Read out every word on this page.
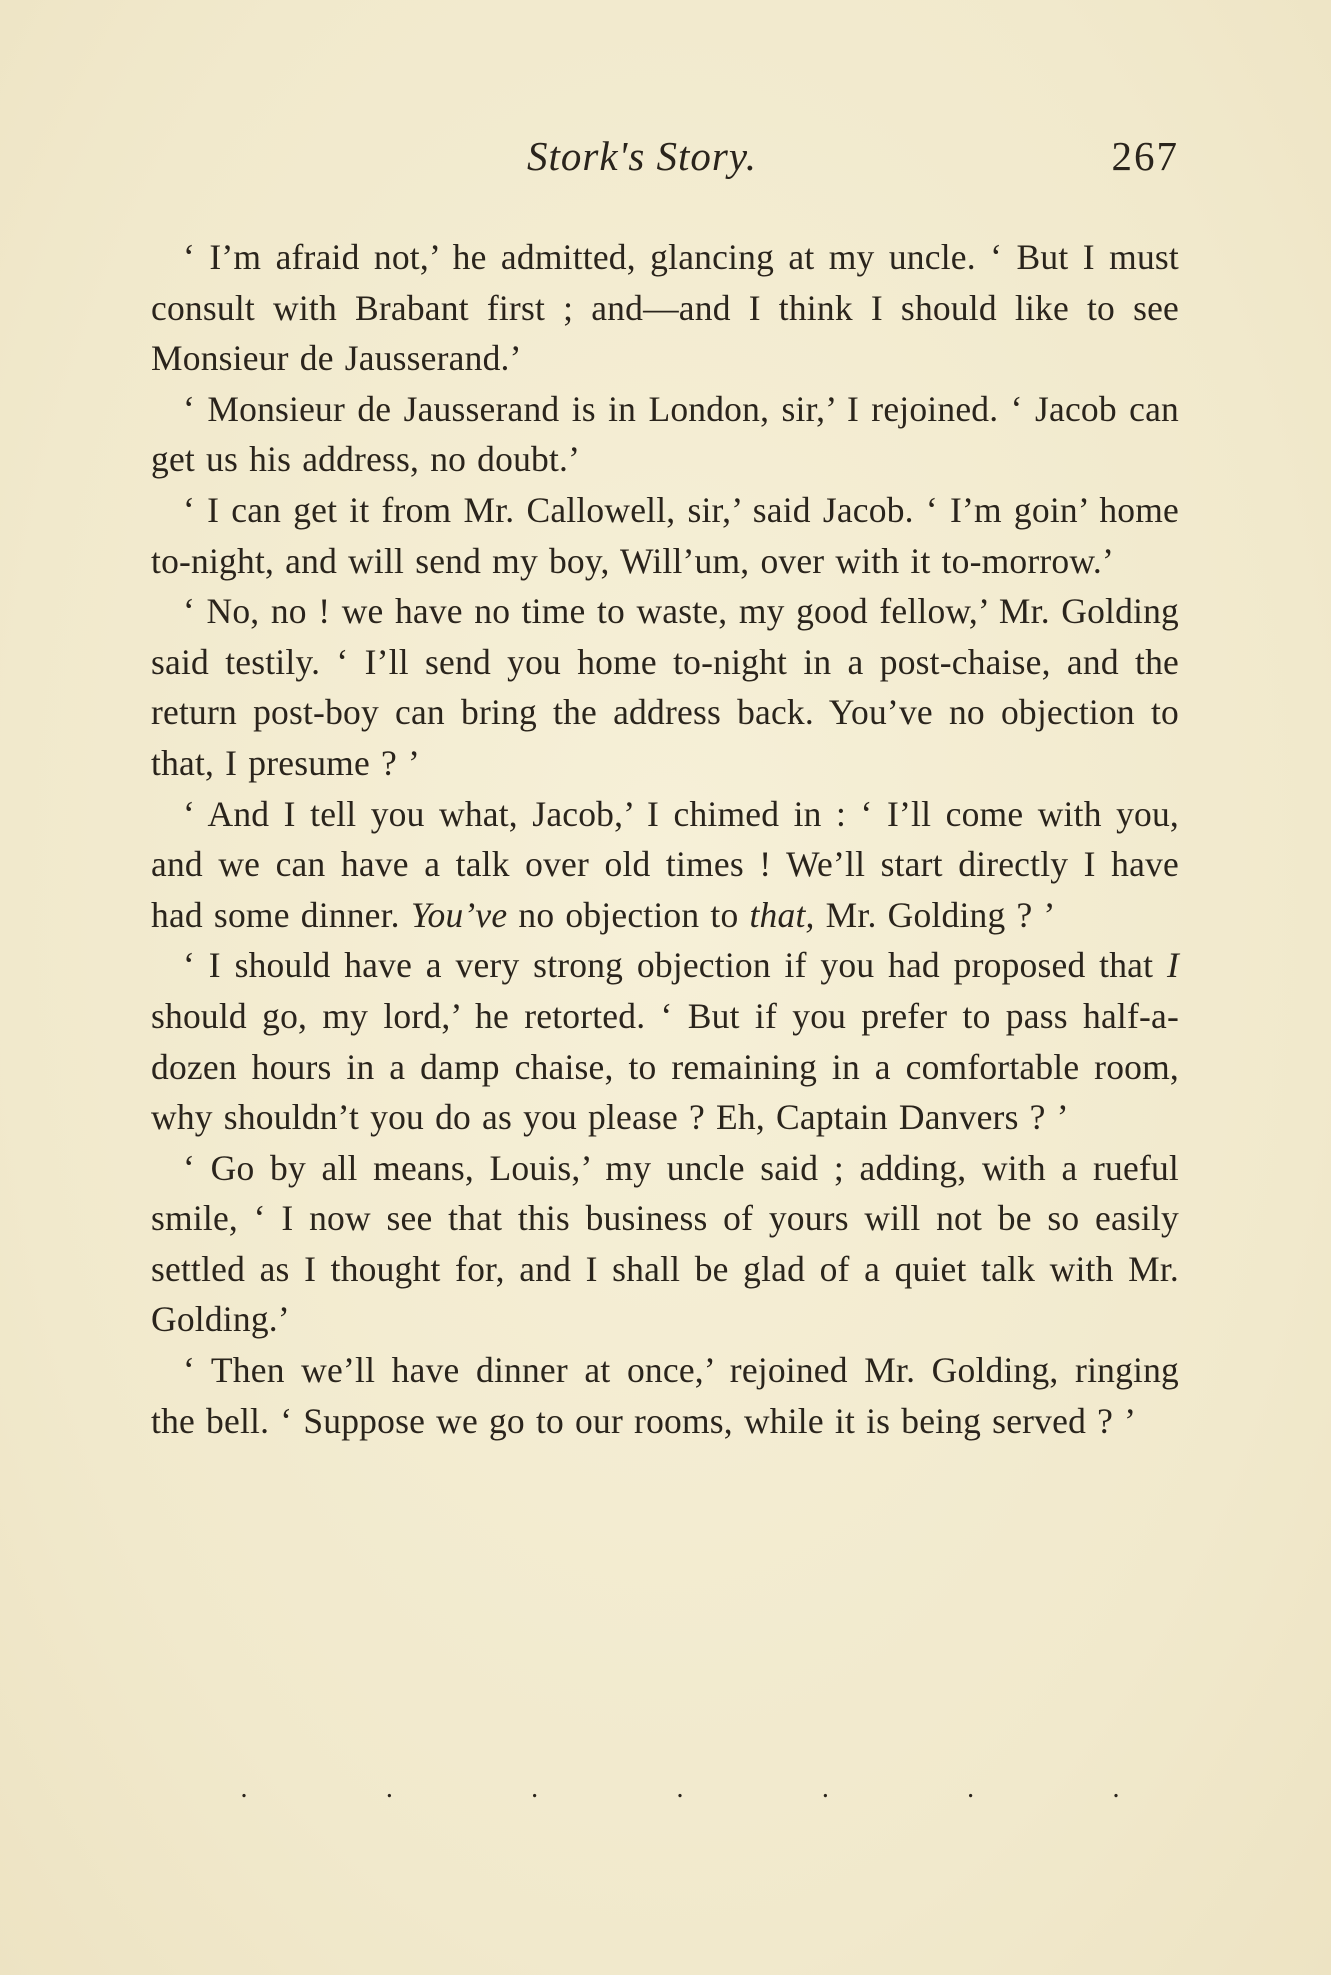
Stork's Story.	267

‘ I’m afraid not,’ he admitted, glancing at my uncle. ‘ But I must consult with Brabant first ; and—and I think I should like to see Monsieur de Jausserand.’

‘ Monsieur de Jausserand is in London, sir,’ I rejoined. ‘ Jacob can get us his address, no doubt.’

‘ I can get it from Mr. Callowell, sir,’ said Jacob. ‘ I’m goin’ home to-night, and will send my boy, Will’um, over with it to-morrow.’

‘ No, no ! we have no time to waste, my good fellow,’ Mr. Golding said testily. ‘ I’ll send you home to-night in a post-chaise, and the return post-boy can bring the address back. You’ve no objection to that, I presume ? ’

‘ And I tell you what, Jacob,’ I chimed in : ‘ I’ll come with you, and we can have a talk over old times ! We’ll start directly I have had some dinner. You’ve no objection to that, Mr. Golding ? ’

‘ I should have a very strong objection if you had proposed that I should go, my lord,’ he retorted. ‘ But if you prefer to pass half-a-dozen hours in a damp chaise, to remaining in a comfortable room, why shouldn’t you do as you please ? Eh, Captain Danvers ? ’

‘ Go by all means, Louis,’ my uncle said ; adding, with a rueful smile, ‘ I now see that this business of yours will not be so easily settled as I thought for, and I shall be glad of a quiet talk with Mr. Golding.’

‘ Then we’ll have dinner at once,’ rejoined Mr. Golding, ringing the bell. ‘ Suppose we go to our rooms, while it is being served ? ’

.	.	.	.	.	.	.
